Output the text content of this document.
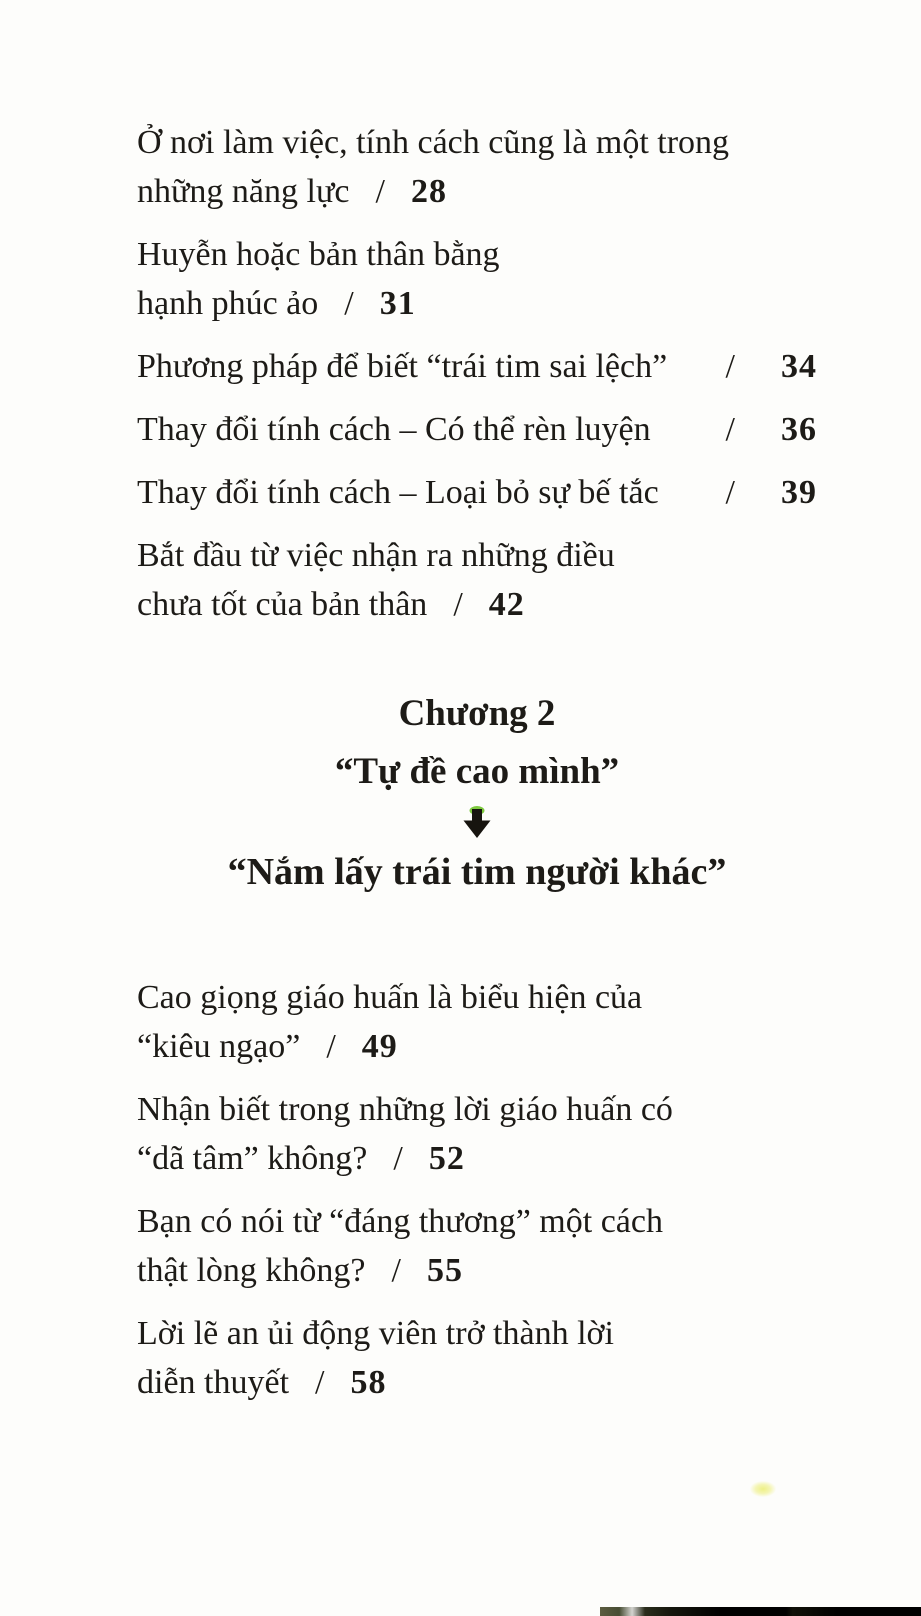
Ở nơi làm việc, tính cách cũng là một trong
những năng lực / 28
Huyễn hoặc bản thân bằng
hạnh phúc ảo / 31
Phương pháp để biết “trái tim sai lệch” / 34
Thay đổi tính cách – Có thể rèn luyện / 36
Thay đổi tính cách – Loại bỏ sự bế tắc / 39
Bắt đầu từ việc nhận ra những điều
chưa tốt của bản thân / 42
Chương 2
“Tự đề cao mình”
“Nắm lấy trái tim người khác”
Cao giọng giáo huấn là biểu hiện của
“kiêu ngạo” / 49
Nhận biết trong những lời giáo huấn có
“dã tâm” không? / 52
Bạn có nói từ “đáng thương” một cách
thật lòng không? / 55
Lời lẽ an ủi động viên trở thành lời
diễn thuyết / 58
